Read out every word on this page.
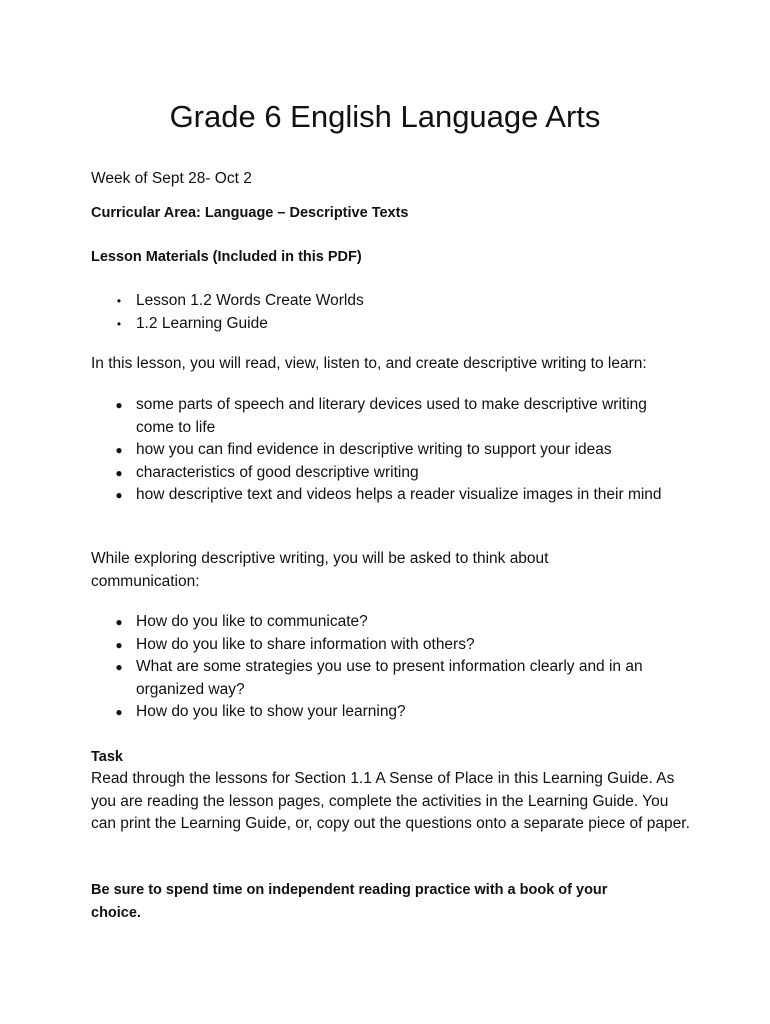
Grade 6 English Language Arts

Week of Sept 28- Oct 2

Curricular Area: Language – Descriptive Texts

Lesson Materials (Included in this PDF)

• Lesson 1.2 Words Create Worlds
• 1.2 Learning Guide

In this lesson, you will read, view, listen to, and create descriptive writing to learn:

● some parts of speech and literary devices used to make descriptive writing come to life
● how you can find evidence in descriptive writing to support your ideas
● characteristics of good descriptive writing
● how descriptive text and videos helps a reader visualize images in their mind

While exploring descriptive writing, you will be asked to think about communication:

● How do you like to communicate?
● How do you like to share information with others?
● What are some strategies you use to present information clearly and in an organized way?
● How do you like to show your learning?

Task

Read through the lessons for Section 1.1 A Sense of Place in this Learning Guide. As you are reading the lesson pages, complete the activities in the Learning Guide. You can print the Learning Guide, or, copy out the questions onto a separate piece of paper.

Be sure to spend time on independent reading practice with a book of your choice.
